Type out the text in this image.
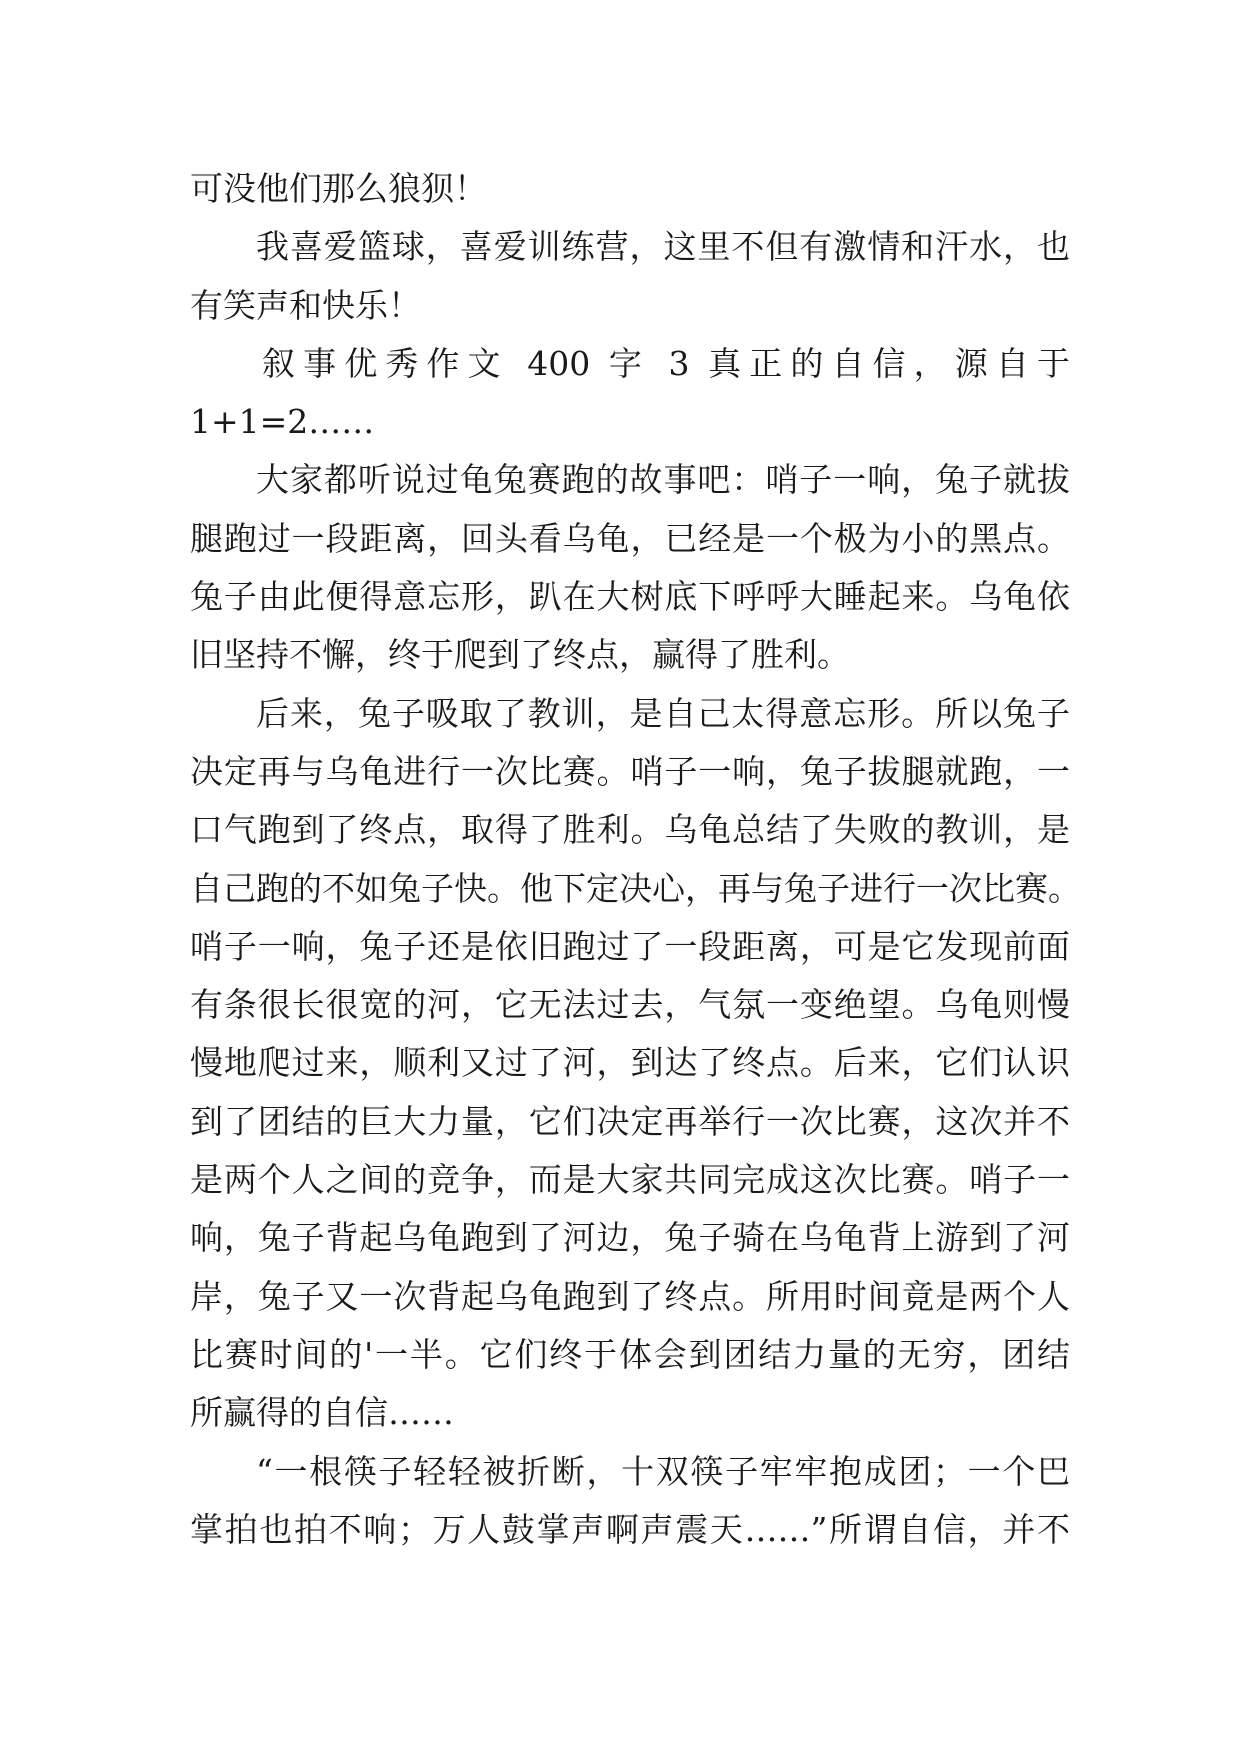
可没他们那么狼狈！
我喜爱篮球，喜爱训练营，这里不但有激情和汗水，也
有笑声和快乐！
叙事优秀作文 400 字 3 真正的自信，源自于
1+1=2……
大家都听说过龟兔赛跑的故事吧：哨子一响，兔子就拔
腿跑过一段距离，回头看乌龟，已经是一个极为小的黑点。
兔子由此便得意忘形，趴在大树底下呼呼大睡起来。乌龟依
旧坚持不懈，终于爬到了终点，赢得了胜利。
后来，兔子吸取了教训，是自己太得意忘形。所以兔子
决定再与乌龟进行一次比赛。哨子一响，兔子拔腿就跑，一
口气跑到了终点，取得了胜利。乌龟总结了失败的教训，是
自己跑的不如兔子快。他下定决心，再与兔子进行一次比赛。
哨子一响，兔子还是依旧跑过了一段距离，可是它发现前面
有条很长很宽的河，它无法过去，气氛一变绝望。乌龟则慢
慢地爬过来，顺利又过了河，到达了终点。后来，它们认识
到了团结的巨大力量，它们决定再举行一次比赛，这次并不
是两个人之间的竞争，而是大家共同完成这次比赛。哨子一
响，兔子背起乌龟跑到了河边，兔子骑在乌龟背上游到了河
岸，兔子又一次背起乌龟跑到了终点。所用时间竟是两个人
比赛时间的'一半。它们终于体会到团结力量的无穷，团结
所赢得的自信……
“一根筷子轻轻被折断，十双筷子牢牢抱成团；一个巴
掌拍也拍不响；万人鼓掌声啊声震天……”所谓自信，并不
